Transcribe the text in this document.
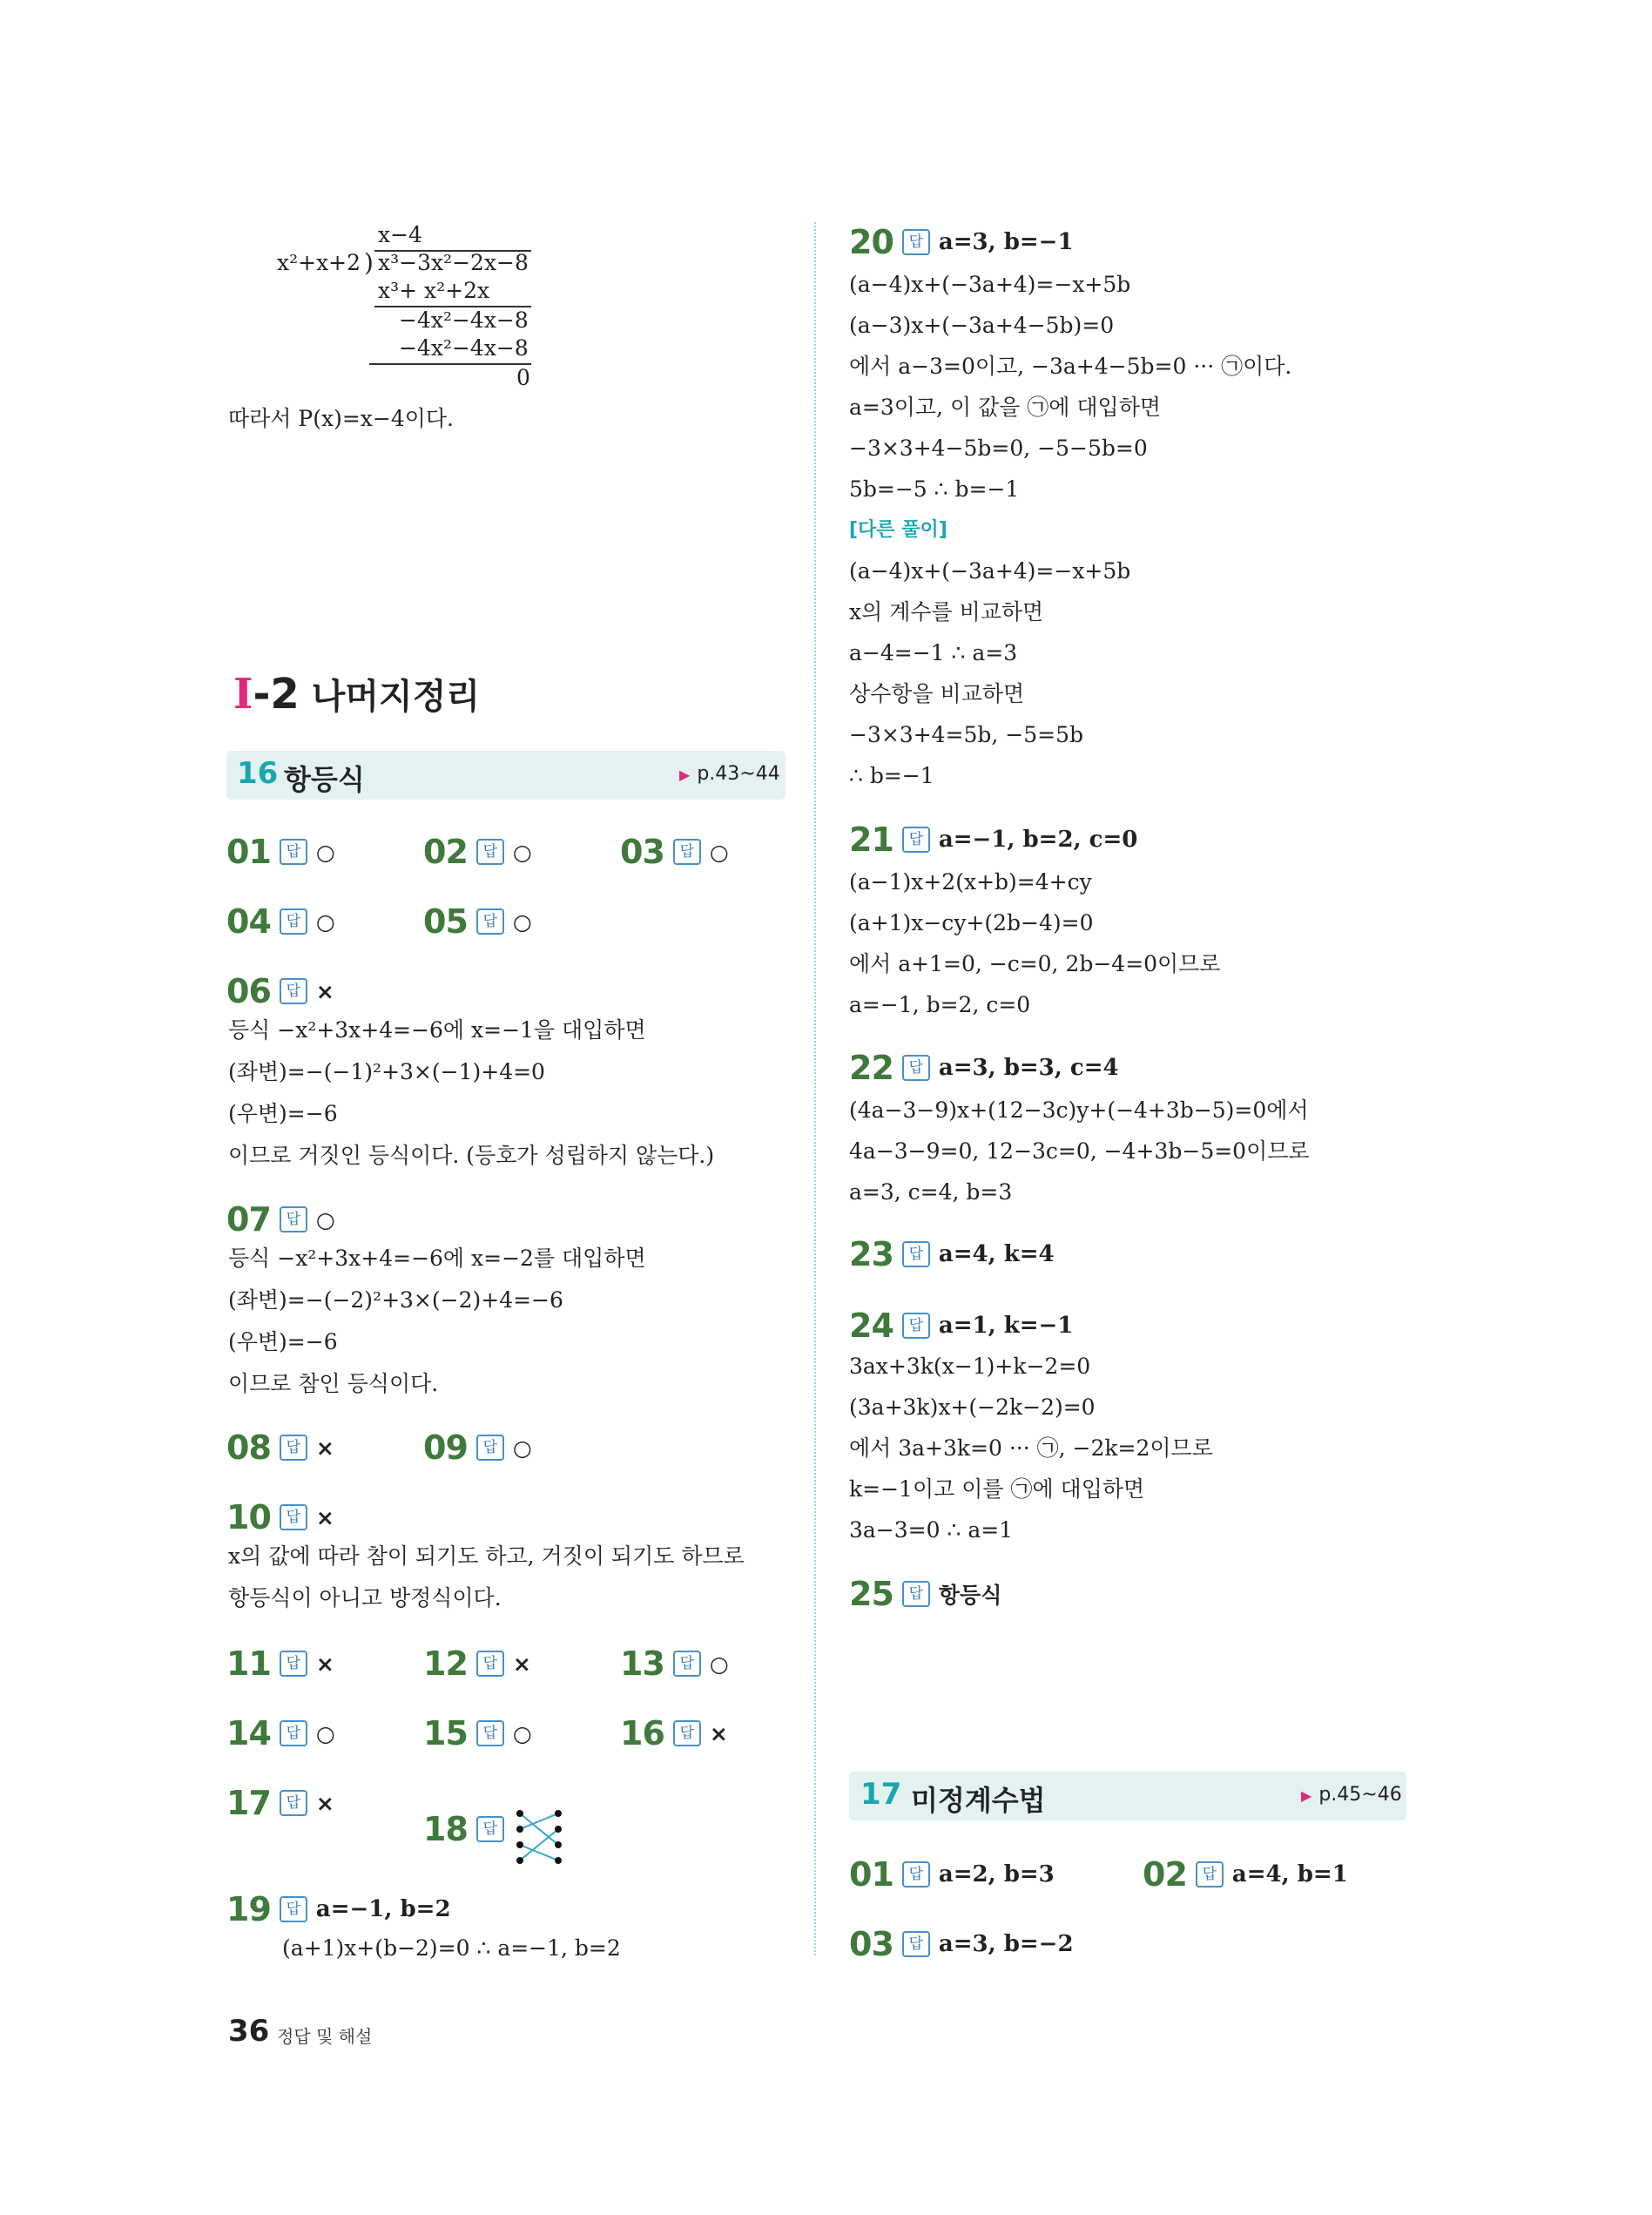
x−4
x²+x+2 ) x³−3x²−2x−8
x³+ x²+2x
−4x²−4x−8
−4x²−4x−8
0
따라서 P(x)=x−4이다.
Ⅰ-2 나머지정리
16 항등식	▶ p.43~44
01	답 ○	02	답 ○	03	답 ○
04	답 ○	05	답 ○
06	답 ×
등식 −x²+3x+4=−6에 x=−1을 대입하면
(좌변)=−(−1)²+3×(−1)+4=0
(우변)=−6
이므로 거짓인 등식이다. (등호가 성립하지 않는다.)
07	답 ○
등식 −x²+3x+4=−6에 x=−2를 대입하면
(좌변)=−(−2)²+3×(−2)+4=−6
(우변)=−6
이므로 참인 등식이다.
08	답 ×	09	답 ○
10	답 ×
x의 값에 따라 참이 되기도 하고, 거짓이 되기도 하므로
항등식이 아니고 방정식이다.
11	답 ×	12	답 ×	13	답 ○
14	답 ○	15	답 ○	16	답 ×
17	답 ×
18	답
19	답 a=−1, b=2
(a+1)x+(b−2)=0 ∴ a=−1, b=2
20	답 a=3, b=−1
(a−4)x+(−3a+4)=−x+5b
(a−3)x+(−3a+4−5b)=0
에서 a−3=0이고, −3a+4−5b=0 ··· ㉠이다.
a=3이고, 이 값을 ㉠에 대입하면
−3×3+4−5b=0, −5−5b=0
5b=−5 ∴ b=−1
[다른 풀이]
(a−4)x+(−3a+4)=−x+5b
x의 계수를 비교하면
a−4=−1 ∴ a=3
상수항을 비교하면
−3×3+4=5b, −5=5b
∴ b=−1
21	답 a=−1, b=2, c=0
(a−1)x+2(x+b)=4+cy
(a+1)x−cy+(2b−4)=0
에서 a+1=0, −c=0, 2b−4=0이므로
a=−1, b=2, c=0
22	답 a=3, b=3, c=4
(4a−3−9)x+(12−3c)y+(−4+3b−5)=0에서
4a−3−9=0, 12−3c=0, −4+3b−5=0이므로
a=3, c=4, b=3
23	답 a=4, k=4
24	답 a=1, k=−1
3ax+3k(x−1)+k−2=0
(3a+3k)x+(−2k−2)=0
에서 3a+3k=0 ··· ㉠, −2k=2이므로
k=−1이고 이를 ㉠에 대입하면
3a−3=0 ∴ a=1
25	답 항등식
17 미정계수법	▶ p.45~46
01	답 a=2, b=3	02	답 a=4, b=1
03	답 a=3, b=−2
36 정답 및 해설
